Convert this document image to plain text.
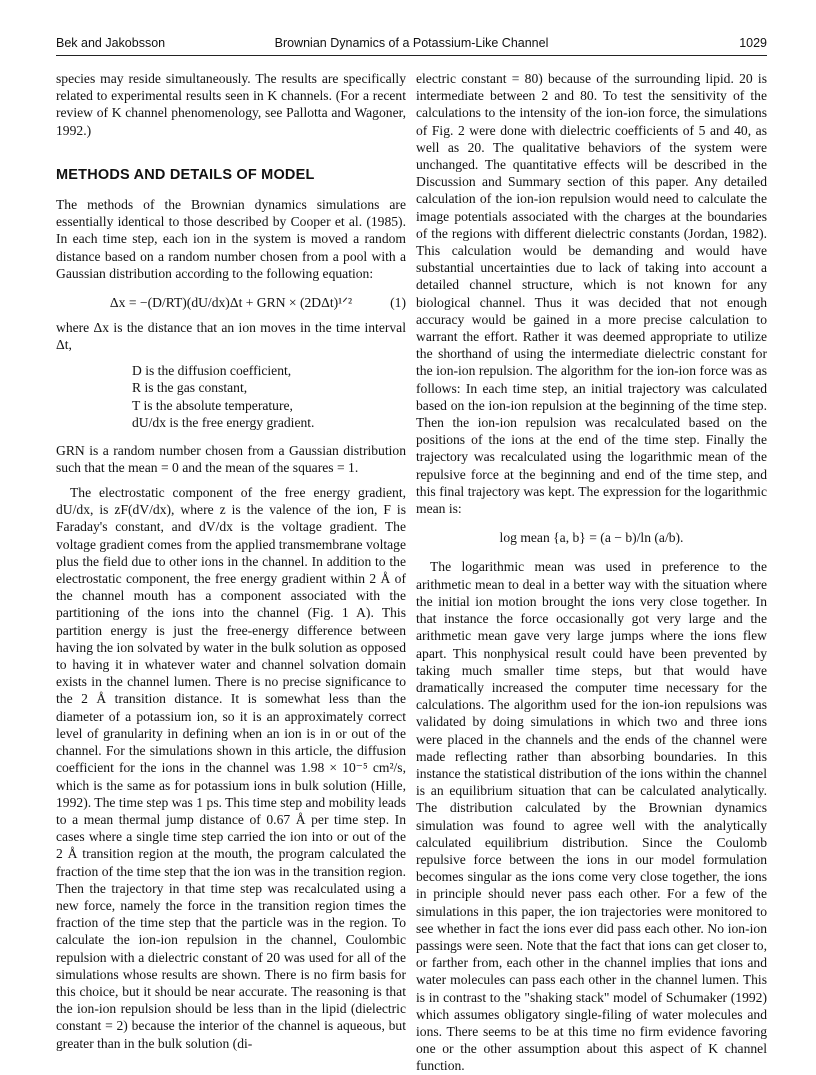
Bek and Jakobsson	Brownian Dynamics of a Potassium-Like Channel	1029

species may reside simultaneously. The results are specifically related to experimental results seen in K channels. (For a recent review of K channel phenomenology, see Pallotta and Wagoner, 1992.)

METHODS AND DETAILS OF MODEL

The methods of the Brownian dynamics simulations are essentially identical to those described by Cooper et al. (1985). In each time step, each ion in the system is moved a random distance based on a random number chosen from a pool with a Gaussian distribution according to the following equation:

Δx = −(D/RT)(dU/dx)Δt + GRN × (2DΔt)¹ᐟ²	(1)

where Δx is the distance that an ion moves in the time interval Δt,

D is the diffusion coefficient,
R is the gas constant,
T is the absolute temperature,
dU/dx is the free energy gradient.

GRN is a random number chosen from a Gaussian distribution such that the mean = 0 and the mean of the squares = 1.

The electrostatic component of the free energy gradient, dU/dx, is zF(dV/dx), where z is the valence of the ion, F is Faraday's constant, and dV/dx is the voltage gradient. The voltage gradient comes from the applied transmembrane voltage plus the field due to other ions in the channel. In addition to the electrostatic component, the free energy gradient within 2 Å of the channel mouth has a component associated with the partitioning of the ions into the channel (Fig. 1 A). This partition energy is just the free-energy difference between having the ion solvated by water in the bulk solution as opposed to having it in whatever water and channel solvation domain exists in the channel lumen. There is no precise significance to the 2 Å transition distance. It is somewhat less than the diameter of a potassium ion, so it is an approximately correct level of granularity in defining when an ion is in or out of the channel. For the simulations shown in this article, the diffusion coefficient for the ions in the channel was 1.98 × 10⁻⁵ cm²/s, which is the same as for potassium ions in bulk solution (Hille, 1992). The time step was 1 ps. This time step and mobility leads to a mean thermal jump distance of 0.67 Å per time step. In cases where a single time step carried the ion into or out of the 2 Å transition region at the mouth, the program calculated the fraction of the time step that the ion was in the transition region. Then the trajectory in that time step was recalculated using a new force, namely the force in the transition region times the fraction of the time step that the particle was in the region. To calculate the ion-ion repulsion in the channel, Coulombic repulsion with a dielectric constant of 20 was used for all of the simulations whose results are shown. There is no firm basis for this choice, but it should be near accurate. The reasoning is that the ion-ion repulsion should be less than in the lipid (dielectric constant = 2) because the interior of the channel is aqueous, but greater than in the bulk solution (di-

electric constant = 80) because of the surrounding lipid. 20 is intermediate between 2 and 80. To test the sensitivity of the calculations to the intensity of the ion-ion force, the simulations of Fig. 2 were done with dielectric coefficients of 5 and 40, as well as 20. The qualitative behaviors of the system were unchanged. The quantitative effects will be described in the Discussion and Summary section of this paper. Any detailed calculation of the ion-ion repulsion would need to calculate the image potentials associated with the charges at the boundaries of the regions with different dielectric constants (Jordan, 1982). This calculation would be demanding and would have substantial uncertainties due to lack of taking into account a detailed channel structure, which is not known for any biological channel. Thus it was decided that not enough accuracy would be gained in a more precise calculation to warrant the effort. Rather it was deemed appropriate to utilize the shorthand of using the intermediate dielectric constant for the ion-ion repulsion. The algorithm for the ion-ion force was as follows: In each time step, an initial trajectory was calculated based on the ion-ion repulsion at the beginning of the time step. Then the ion-ion repulsion was recalculated based on the positions of the ions at the end of the time step. Finally the trajectory was recalculated using the logarithmic mean of the repulsive force at the beginning and end of the time step, and this final trajectory was kept. The expression for the logarithmic mean is:

log mean {a, b} = (a − b)/ln (a/b).

The logarithmic mean was used in preference to the arithmetic mean to deal in a better way with the situation where the initial ion motion brought the ions very close together. In that instance the force occasionally got very large and the arithmetic mean gave very large jumps where the ions flew apart. This nonphysical result could have been prevented by taking much smaller time steps, but that would have dramatically increased the computer time necessary for the calculations. The algorithm used for the ion-ion repulsions was validated by doing simulations in which two and three ions were placed in the channels and the ends of the channel were made reflecting rather than absorbing boundaries. In this instance the statistical distribution of the ions within the channel is an equilibrium situation that can be calculated analytically. The distribution calculated by the Brownian dynamics simulation was found to agree well with the analytically calculated equilibrium distribution. Since the Coulomb repulsive force between the ions in our model formulation becomes singular as the ions come very close together, the ions in principle should never pass each other. For a few of the simulations in this paper, the ion trajectories were monitored to see whether in fact the ions ever did pass each other. No ion-ion passings were seen. Note that the fact that ions can get closer to, or farther from, each other in the channel implies that ions and water molecules can pass each other in the channel lumen. This is in contrast to the "shaking stack" model of Schumaker (1992) which assumes obligatory single-filing of water molecules and ions. There seems to be at this time no firm evidence favoring one or the other assumption about this aspect of K channel function.
